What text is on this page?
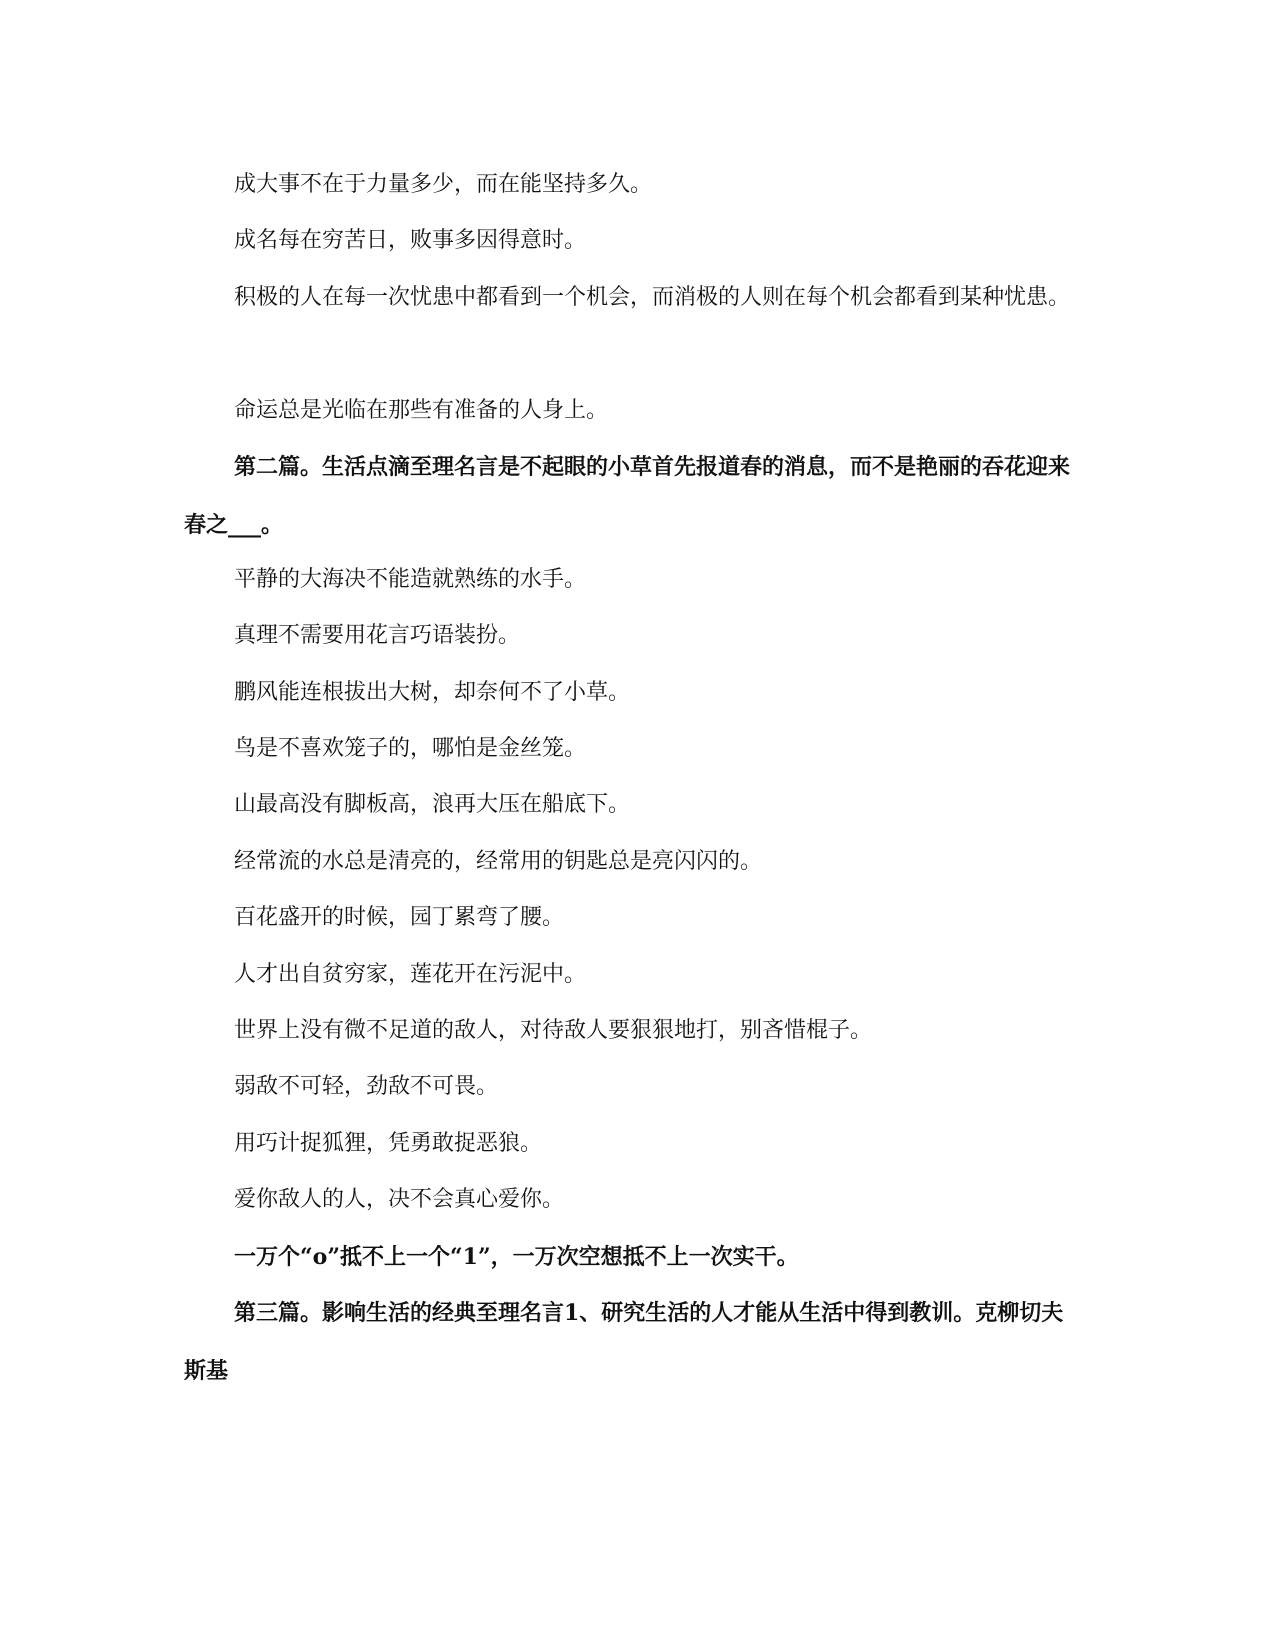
成大事不在于力量多少，而在能坚持多久。

成名每在穷苦日，败事多因得意时。

积极的人在每一次忧患中都看到一个机会，而消极的人则在每个机会都看到某种忧患。

命运总是光临在那些有准备的人身上。

第二篇。生活点滴至理名言是不起眼的小草首先报道春的消息，而不是艳丽的吞花迎来春之___。

平静的大海决不能造就熟练的水手。

真理不需要用花言巧语装扮。

鹏风能连根拔出大树，却奈何不了小草。

鸟是不喜欢笼子的，哪怕是金丝笼。

山最高没有脚板高，浪再大压在船底下。

经常流的水总是清亮的，经常用的钥匙总是亮闪闪的。

百花盛开的时候，园丁累弯了腰。

人才出自贫穷家，莲花开在污泥中。

世界上没有微不足道的敌人，对待敌人要狠狠地打，别吝惜棍子。

弱敌不可轻，劲敌不可畏。

用巧计捉狐狸，凭勇敢捉恶狼。

爱你敌人的人，决不会真心爱你。

一万个“o”抵不上一个“1”，一万次空想抵不上一次实干。

第三篇。影响生活的经典至理名言1、研究生活的人才能从生活中得到教训。克柳切夫斯基
